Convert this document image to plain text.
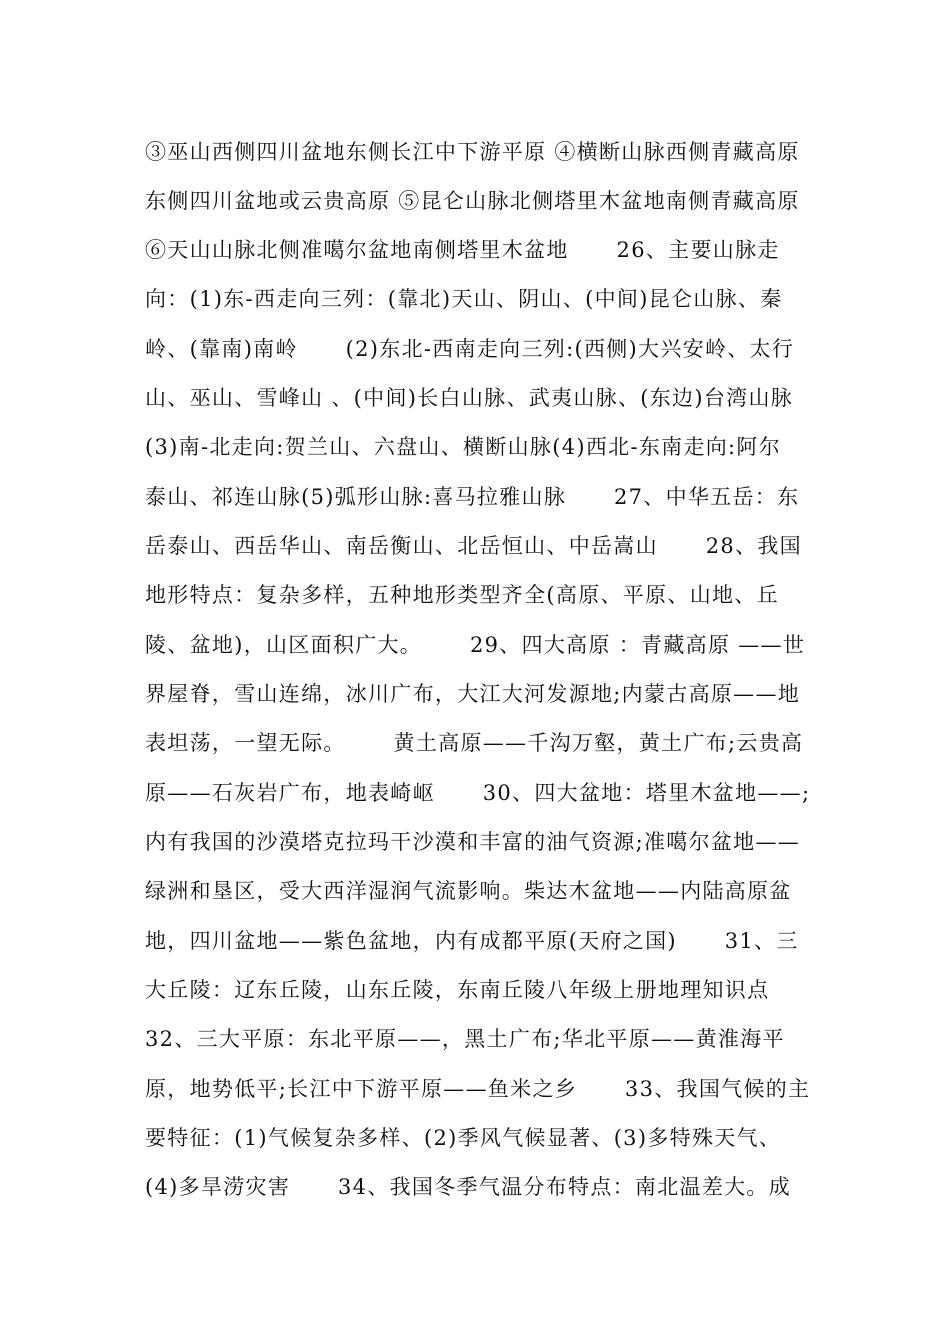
③巫山西侧四川盆地东侧长江中下游平原 ④横断山脉西侧青藏高原
东侧四川盆地或云贵高原 ⑤昆仑山脉北侧塔里木盆地南侧青藏高原
⑥天山山脉北侧准噶尔盆地南侧塔里木盆地      26、主要山脉走
向：(1)东-西走向三列：(靠北)天山、阴山、(中间)昆仑山脉、秦
岭、(靠南)南岭      (2)东北-西南走向三列:(西侧)大兴安岭、太行
山、巫山、雪峰山 、(中间)长白山脉、武夷山脉、(东边)台湾山脉
(3)南-北走向:贺兰山、六盘山、横断山脉(4)西北-东南走向:阿尔
泰山、祁连山脉(5)弧形山脉:喜马拉雅山脉      27、中华五岳：东
岳泰山、西岳华山、南岳衡山、北岳恒山、中岳嵩山      28、我国
地形特点：复杂多样，五种地形类型齐全(高原、平原、山地、丘
陵、盆地)，山区面积广大。      29、四大高原 ：青藏高原 ——世
界屋脊，雪山连绵，冰川广布，大江大河发源地;内蒙古高原——地
表坦荡，一望无际。      黄土高原——千沟万壑，黄土广布;云贵高
原——石灰岩广布，地表崎岖      30、四大盆地：塔里木盆地——;
内有我国的沙漠塔克拉玛干沙漠和丰富的油气资源;准噶尔盆地——
绿洲和垦区，受大西洋湿润气流影响。柴达木盆地——内陆高原盆
地，四川盆地——紫色盆地，内有成都平原(天府之国)      31、三
大丘陵：辽东丘陵，山东丘陵，东南丘陵八年级上册地理知识点
32、三大平原：东北平原——，黑土广布;华北平原——黄淮海平
原，地势低平;长江中下游平原——鱼米之乡      33、我国气候的主
要特征：(1)气候复杂多样、(2)季风气候显著、(3)多特殊天气、
(4)多旱涝灾害      34、我国冬季气温分布特点：南北温差大。成
